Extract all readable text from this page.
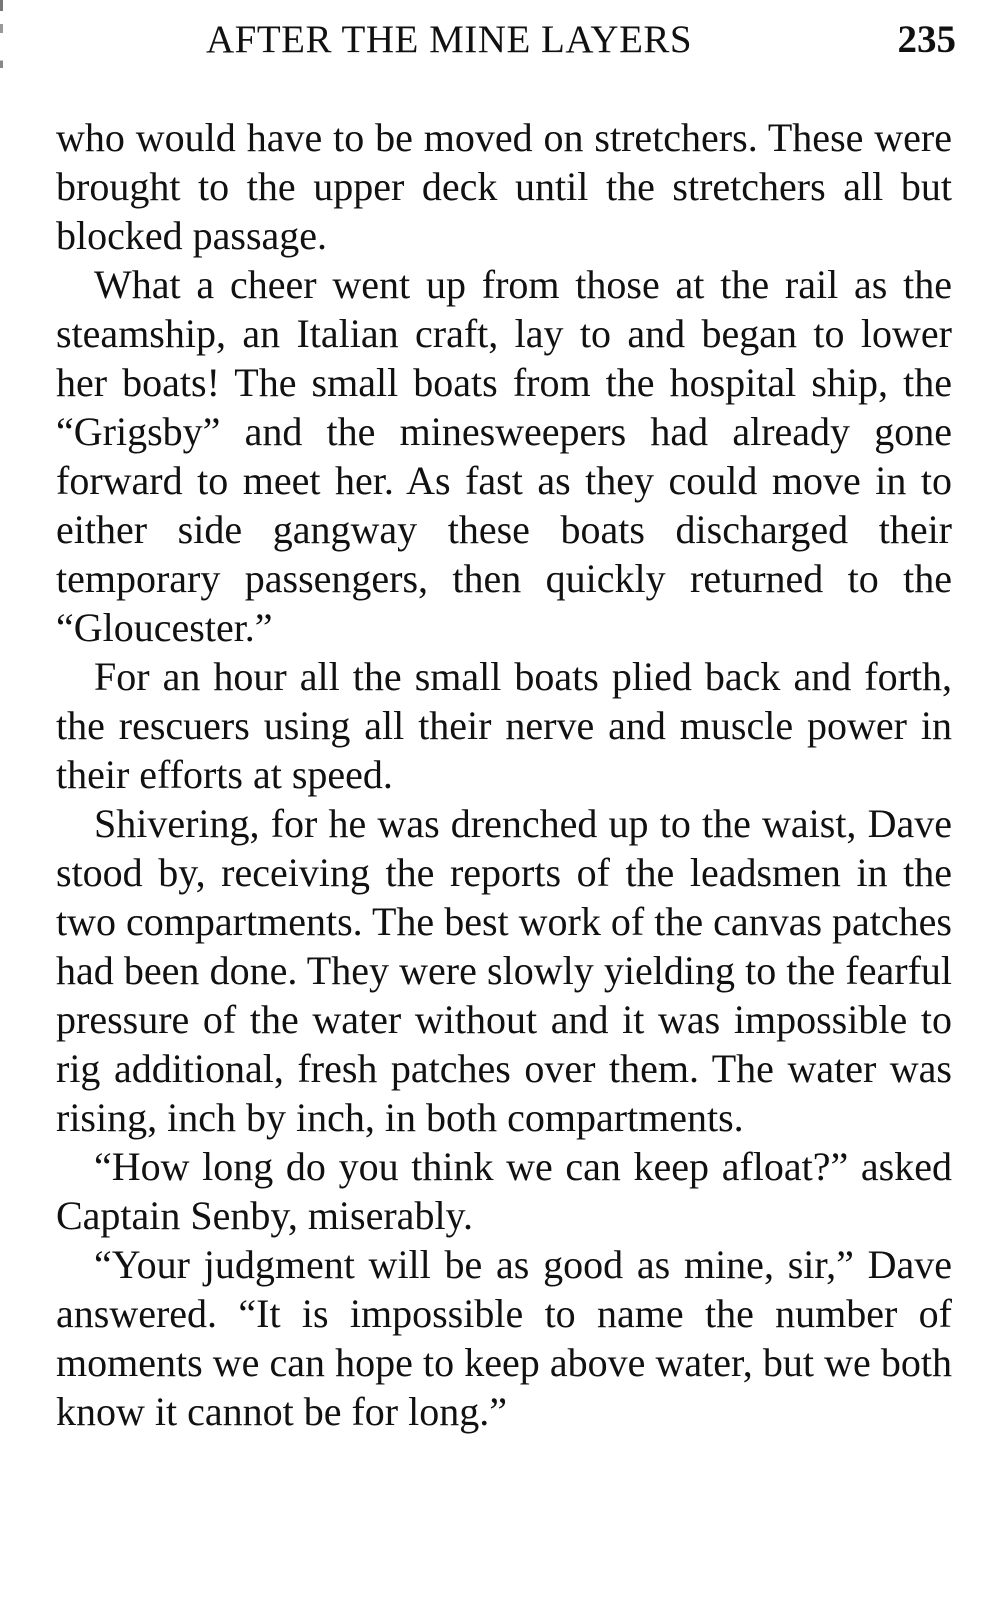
AFTER THE MINE LAYERS	235

who would have to be moved on stretchers. These were brought to the upper deck until the stretchers all but blocked passage.

What a cheer went up from those at the rail as the steamship, an Italian craft, lay to and began to lower her boats! The small boats from the hospital ship, the “Grigsby” and the minesweepers had already gone forward to meet her. As fast as they could move in to either side gangway these boats discharged their temporary passengers, then quickly returned to the “Gloucester.”

For an hour all the small boats plied back and forth, the rescuers using all their nerve and muscle power in their efforts at speed.

Shivering, for he was drenched up to the waist, Dave stood by, receiving the reports of the leadsmen in the two compartments. The best work of the canvas patches had been done. They were slowly yielding to the fearful pressure of the water without and it was impossible to rig additional, fresh patches over them. The water was rising, inch by inch, in both compartments.

“How long do you think we can keep afloat?” asked Captain Senby, miserably.

“Your judgment will be as good as mine, sir,” Dave answered. “It is impossible to name the number of moments we can hope to keep above water, but we both know it cannot be for long.”
